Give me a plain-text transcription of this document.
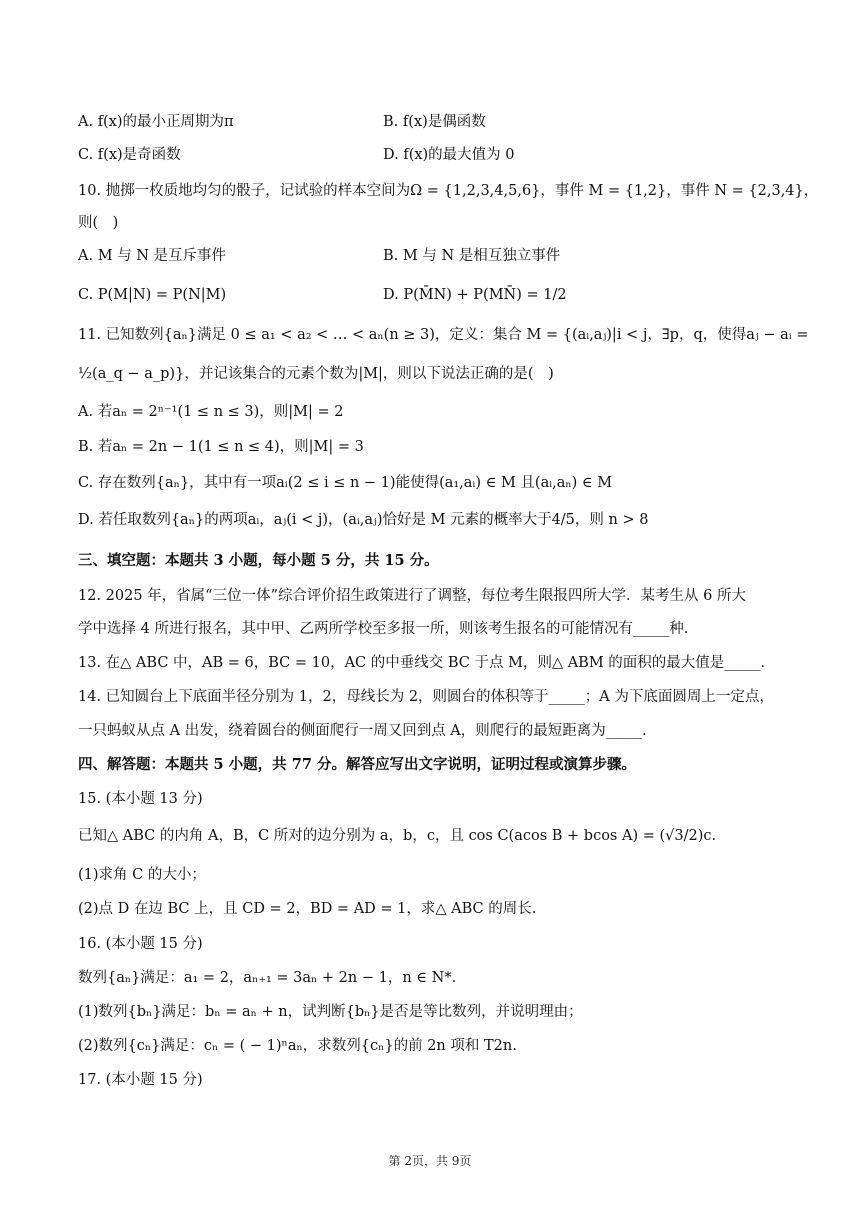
A. f(x)的最小正周期为π	B. f(x)是偶函数
C. f(x)是奇函数	D. f(x)的最大值为 0
10. 抛掷一枚质地均匀的骰子，记试验的样本空间为Ω = {1,2,3,4,5,6}，事件 M = {1,2}，事件 N = {2,3,4}，
则(　)
A. M 与 N 是互斥事件	B. M 与 N 是相互独立事件
C. P(M|N) = P(N|M)	D. P(M̄N) + P(MN̄) = 1/2
11. 已知数列{aₙ}满足 0 ≤ a₁ < a₂ < … < aₙ(n ≥ 3)，定义：集合 M = {(aᵢ,aⱼ)|i < j，∃p，q，使得aⱼ − aᵢ =
½(a_q − a_p)}，并记该集合的元素个数为|M|，则以下说法正确的是(　)
A. 若aₙ = 2ⁿ⁻¹(1 ≤ n ≤ 3)，则|M| = 2
B. 若aₙ = 2n − 1(1 ≤ n ≤ 4)，则|M| = 3
C. 存在数列{aₙ}，其中有一项aᵢ(2 ≤ i ≤ n − 1)能使得(a₁,aᵢ) ∈ M 且(aᵢ,aₙ) ∈ M
D. 若任取数列{aₙ}的两项aᵢ，aⱼ(i < j)，(aᵢ,aⱼ)恰好是 M 元素的概率大于4/5，则 n > 8
三、填空题：本题共 3 小题，每小题 5 分，共 15 分。
12. 2025 年，省属“三位一体”综合评价招生政策进行了调整，每位考生限报四所大学．某考生从 6 所大
学中选择 4 所进行报名，其中甲、乙两所学校至多报一所，则该考生报名的可能情况有_____种.
13. 在△ ABC 中，AB = 6，BC = 10，AC 的中垂线交 BC 于点 M，则△ ABM 的面积的最大值是_____.
14. 已知圆台上下底面半径分别为 1，2，母线长为 2，则圆台的体积等于_____；A 为下底面圆周上一定点，
一只蚂蚁从点 A 出发，绕着圆台的侧面爬行一周又回到点 A，则爬行的最短距离为_____.
四、解答题：本题共 5 小题，共 77 分。解答应写出文字说明，证明过程或演算步骤。
15. (本小题 13 分)
已知△ ABC 的内角 A，B，C 所对的边分别为 a，b，c，且 cos C(acos B + bcos A) = (√3/2)c.
(1)求角 C 的大小；
(2)点 D 在边 BC 上，且 CD = 2，BD = AD = 1，求△ ABC 的周长.
16. (本小题 15 分)
数列{aₙ}满足：a₁ = 2，aₙ₊₁ = 3aₙ + 2n − 1，n ∈ N*.
(1)数列{bₙ}满足：bₙ = aₙ + n，试判断{bₙ}是否是等比数列，并说明理由；
(2)数列{cₙ}满足：cₙ = ( − 1)ⁿaₙ，求数列{cₙ}的前 2n 项和 T2n.
17. (本小题 15 分)
第 2页，共 9页
